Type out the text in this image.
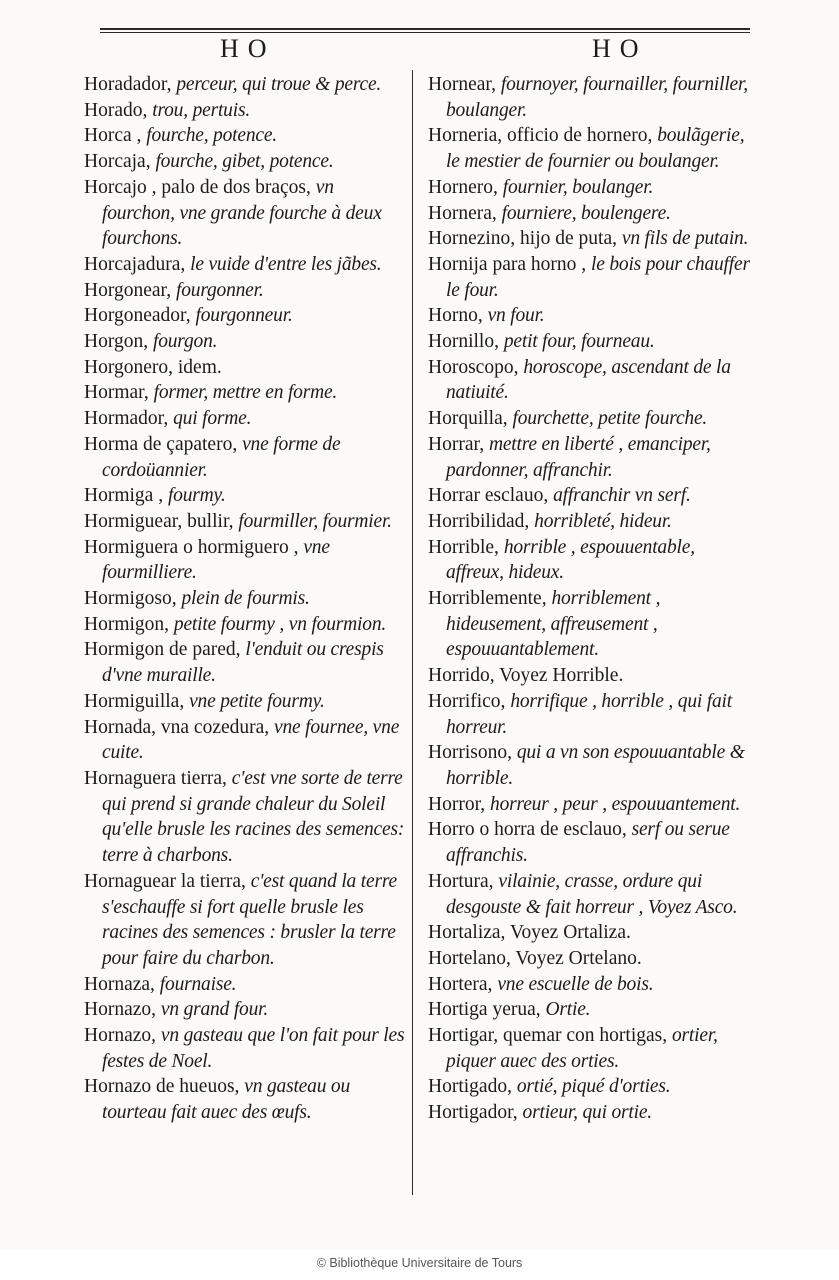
HO	HO

Horadador, perceur, qui troue & perce.

Horado, trou, pertuis.

Horca , fourche, potence.

Horcaja, fourche, gibet, potence.

Horcajo , palo de dos braços, vn fourchon, vne grande fourche à deux fourchons.

Horcajadura, le vuide d'entre les jãbes.

Horgonear, fourgonner.

Horgoneador, fourgonneur.

Horgon, fourgon.

Horgonero, idem.

Hormar, former, mettre en forme.

Hormador, qui forme.

Horma de çapatero, vne forme de cordoüannier.

Hormiga , fourmy.

Hormiguear, bullir, fourmiller, fourmier.

Hormiguera o hormiguero , vne fourmilliere.

Hormigoso, plein de fourmis.

Hormigon, petite fourmy , vn fourmion.

Hormigon de pared, l'enduit ou crespis d'vne muraille.

Hormiguilla, vne petite fourmy.

Hornada, vna cozedura, vne fournee, vne cuite.

Hornaguera tierra, c'est vne sorte de terre qui prend si grande chaleur du Soleil qu'elle brusle les racines des semences: terre à charbons.

Hornaguear la tierra, c'est quand la terre s'eschauffe si fort quelle brusle les racines des semences : brusler la terre pour faire du charbon.

Hornaza, fournaise.

Hornazo, vn grand four.

Hornazo, vn gasteau que l'on fait pour les festes de Noel.

Hornazo de hueuos, vn gasteau ou tourteau fait auec des œufs.

Hornear, fournoyer, fournailler, fourniller, boulanger.

Horneria, officio de hornero, boulãgerie, le mestier de fournier ou boulanger.

Hornero, fournier, boulanger.

Hornera, fourniere, boulengere.

Hornezino, hijo de puta, vn fils de putain.

Hornija para horno , le bois pour chauffer le four.

Horno, vn four.

Hornillo, petit four, fourneau.

Horoscopo, horoscope, ascendant de la natiuité.

Horquilla, fourchette, petite fourche.

Horrar, mettre en liberté , emanciper, pardonner, affranchir.

Horrar esclauo, affranchir vn serf.

Horribilidad, horribleté, hideur.

Horrible, horrible , espouuentable, affreux, hideux.

Horriblemente, horriblement , hideusement, affreusement , espouuantablement.

Horrido, Voyez Horrible.

Horrifico, horrifique , horrible , qui fait horreur.

Horrisono, qui a vn son espouuantable & horrible.

Horror, horreur , peur , espouuantement.

Horro o horra de esclauo, serf ou serue affranchis.

Hortura, vilainie, crasse, ordure qui desgouste & fait horreur , Voyez Asco.

Hortaliza, Voyez Ortaliza.

Hortelano, Voyez Ortelano.

Hortera, vne escuelle de bois.

Hortiga yerua, Ortie.

Hortigar, quemar con hortigas, ortier, piquer auec des orties.

Hortigado, ortié, piqué d'orties.

Hortigador, ortieur, qui ortie.

© Bibliothèque Universitaire de Tours
